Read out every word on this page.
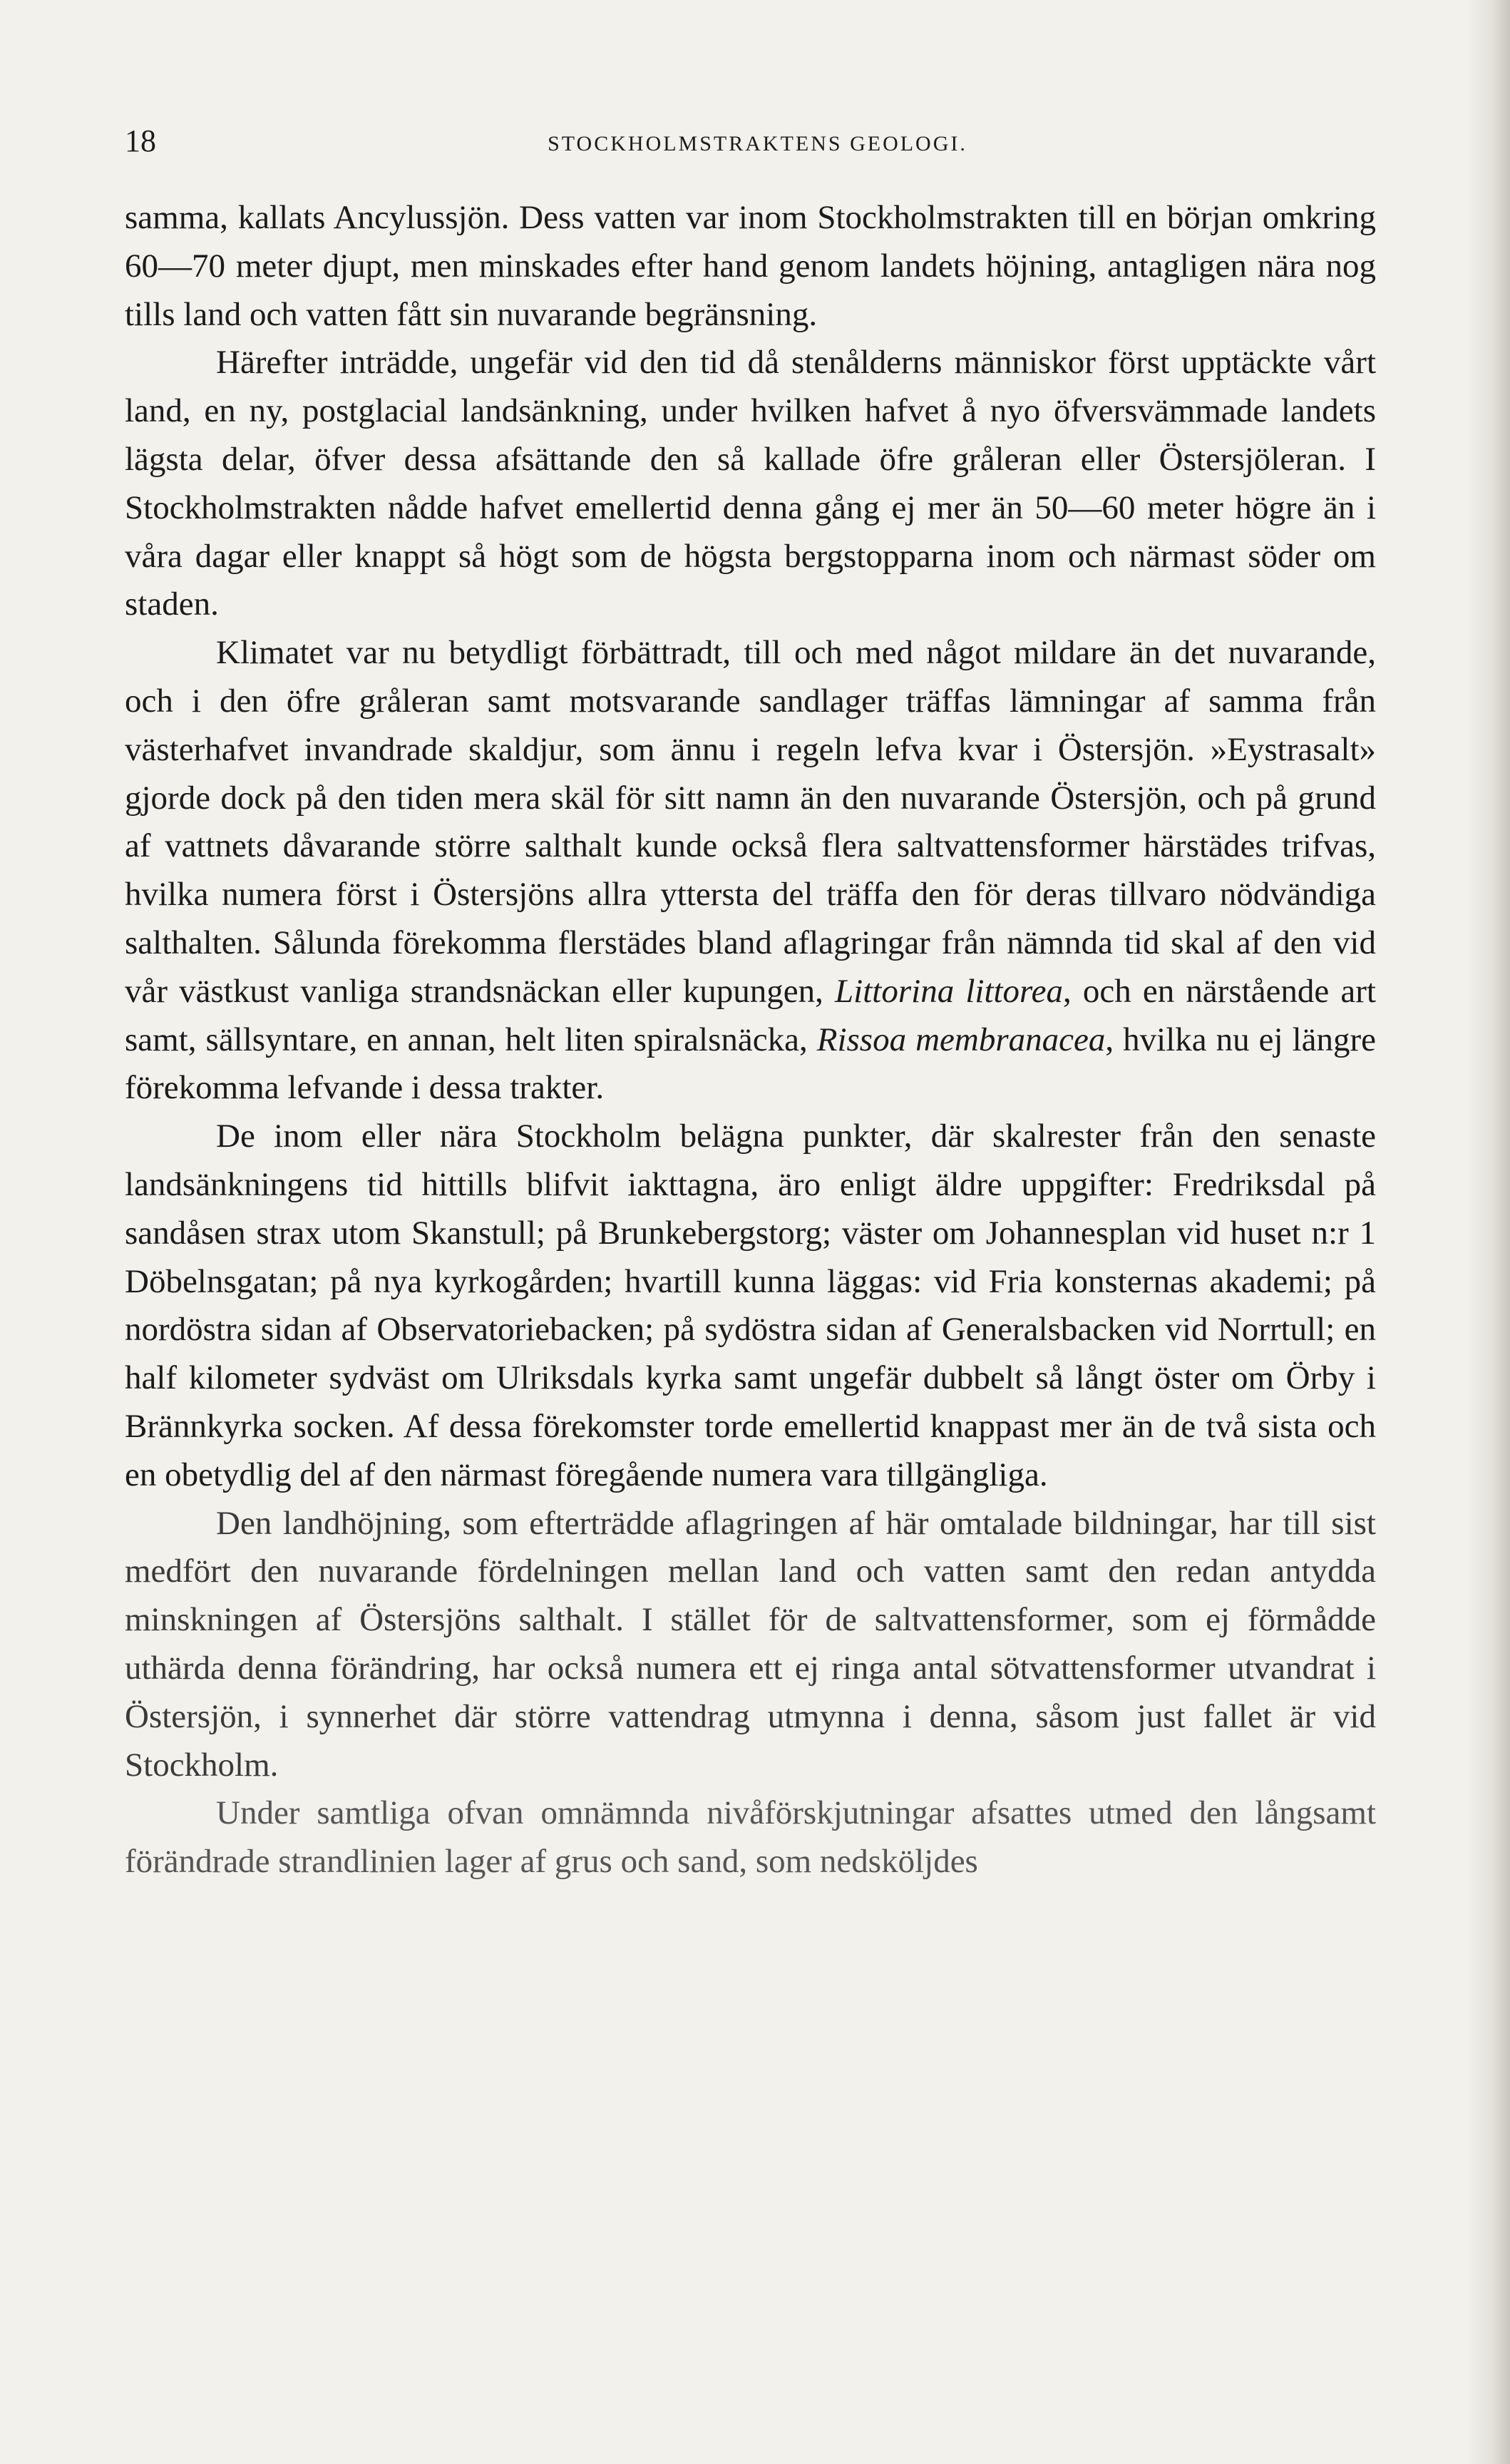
18	STOCKHOLMSTRAKTENS GEOLOGI.

samma, kallats Ancylussjön. Dess vatten var inom Stockholmstrakten till en början omkring 60—70 meter djupt, men minskades efter hand genom landets höjning, antagligen nära nog tills land och vatten fått sin nuvarande begränsning.

Härefter inträdde, ungefär vid den tid då stenålderns människor först upptäckte vårt land, en ny, postglacial landsänkning, under hvilken hafvet å nyo öfversvämmade landets lägsta delar, öfver dessa afsättande den så kallade öfre gråleran eller Östersjöleran. I Stockholmstrakten nådde hafvet emellertid denna gång ej mer än 50—60 meter högre än i våra dagar eller knappt så högt som de högsta bergstopparna inom och närmast söder om staden.

Klimatet var nu betydligt förbättradt, till och med något mildare än det nuvarande, och i den öfre gråleran samt motsvarande sandlager träffas lämningar af samma från västerhafvet invandrade skaldjur, som ännu i regeln lefva kvar i Östersjön. »Eystrasalt» gjorde dock på den tiden mera skäl för sitt namn än den nuvarande Östersjön, och på grund af vattnets dåvarande större salthalt kunde också flera saltvattensformer härstädes trifvas, hvilka numera först i Östersjöns allra yttersta del träffa den för deras tillvaro nödvändiga salthalten. Sålunda förekomma flerstädes bland aflagringar från nämnda tid skal af den vid vår västkust vanliga strandsnäckan eller kupungen, Littorina littorea, och en närstående art samt, sällsyntare, en annan, helt liten spiralsnäcka, Rissoa membranacea, hvilka nu ej längre förekomma lefvande i dessa trakter.

De inom eller nära Stockholm belägna punkter, där skalrester från den senaste landsänkningens tid hittills blifvit iakttagna, äro enligt äldre uppgifter: Fredriksdal på sandåsen strax utom Skanstull; på Brunkebergstorg; väster om Johannesplan vid huset n:r 1 Döbelnsgatan; på nya kyrkogården; hvartill kunna läggas: vid Fria konsternas akademi; på nordöstra sidan af Observatoriebacken; på sydöstra sidan af Generalsbacken vid Norrtull; en half kilometer sydväst om Ulriksdals kyrka samt ungefär dubbelt så långt öster om Örby i Brännkyrka socken. Af dessa förekomster torde emellertid knappast mer än de två sista och en obetydlig del af den närmast föregående numera vara tillgängliga.

Den landhöjning, som efterträdde aflagringen af här omtalade bildningar, har till sist medfört den nuvarande fördelningen mellan land och vatten samt den redan antydda minskningen af Östersjöns salthalt. I stället för de saltvattensformer, som ej förmådde uthärda denna förändring, har också numera ett ej ringa antal sötvattensformer utvandrat i Östersjön, i synnerhet där större vattendrag utmynna i denna, såsom just fallet är vid Stockholm.

Under samtliga ofvan omnämnda nivåförskjutningar afsattes utmed den långsamt förändrade strandlinien lager af grus och sand, som nedsköljdes
